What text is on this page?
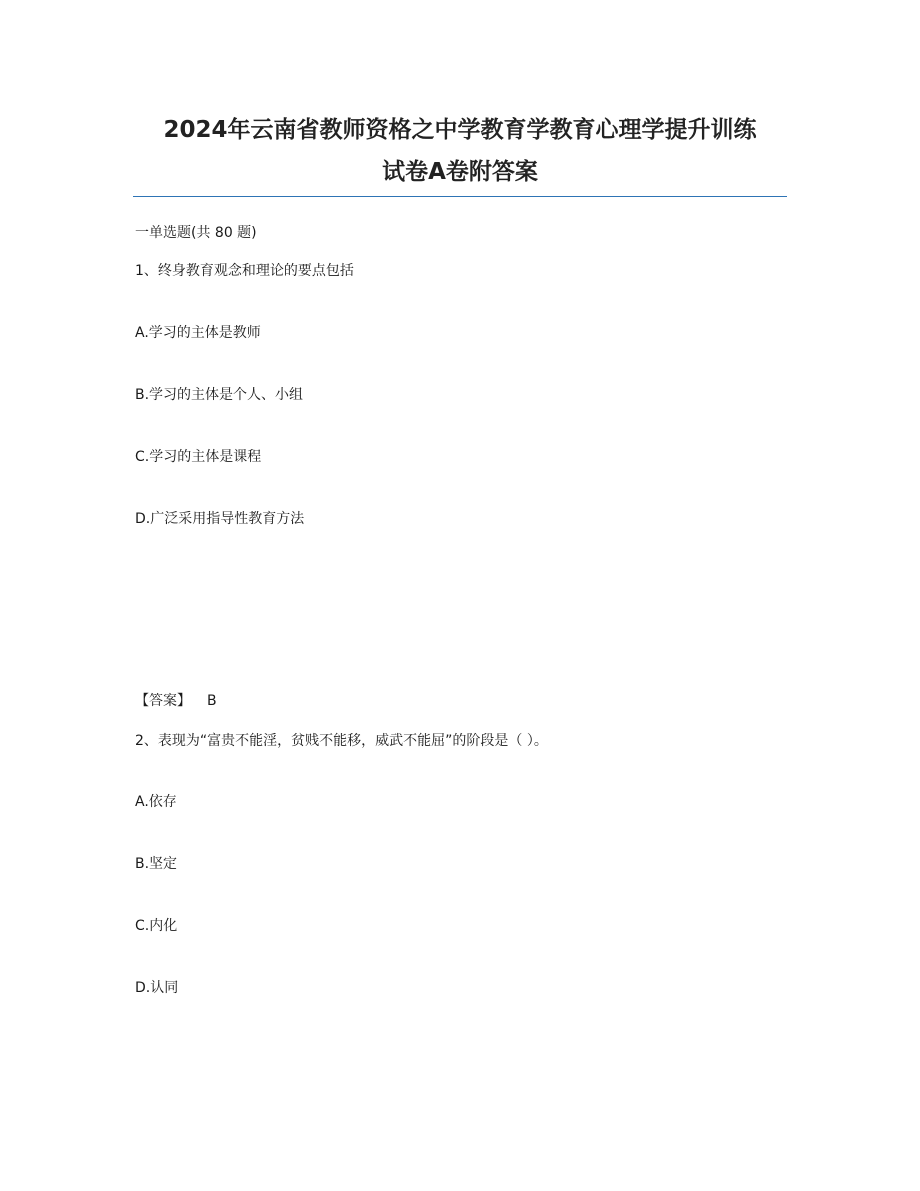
2024年云南省教师资格之中学教育学教育心理学提升训练
试卷A卷附答案
一单选题(共 80 题)
1、终身教育观念和理论的要点包括
A.学习的主体是教师
B.学习的主体是个人、小组
C.学习的主体是课程
D.广泛采用指导性教育方法
【答案】 B
2、表现为“富贵不能淫，贫贱不能移，威武不能屈”的阶段是（ ）。
A.依存
B.坚定
C.内化
D.认同
